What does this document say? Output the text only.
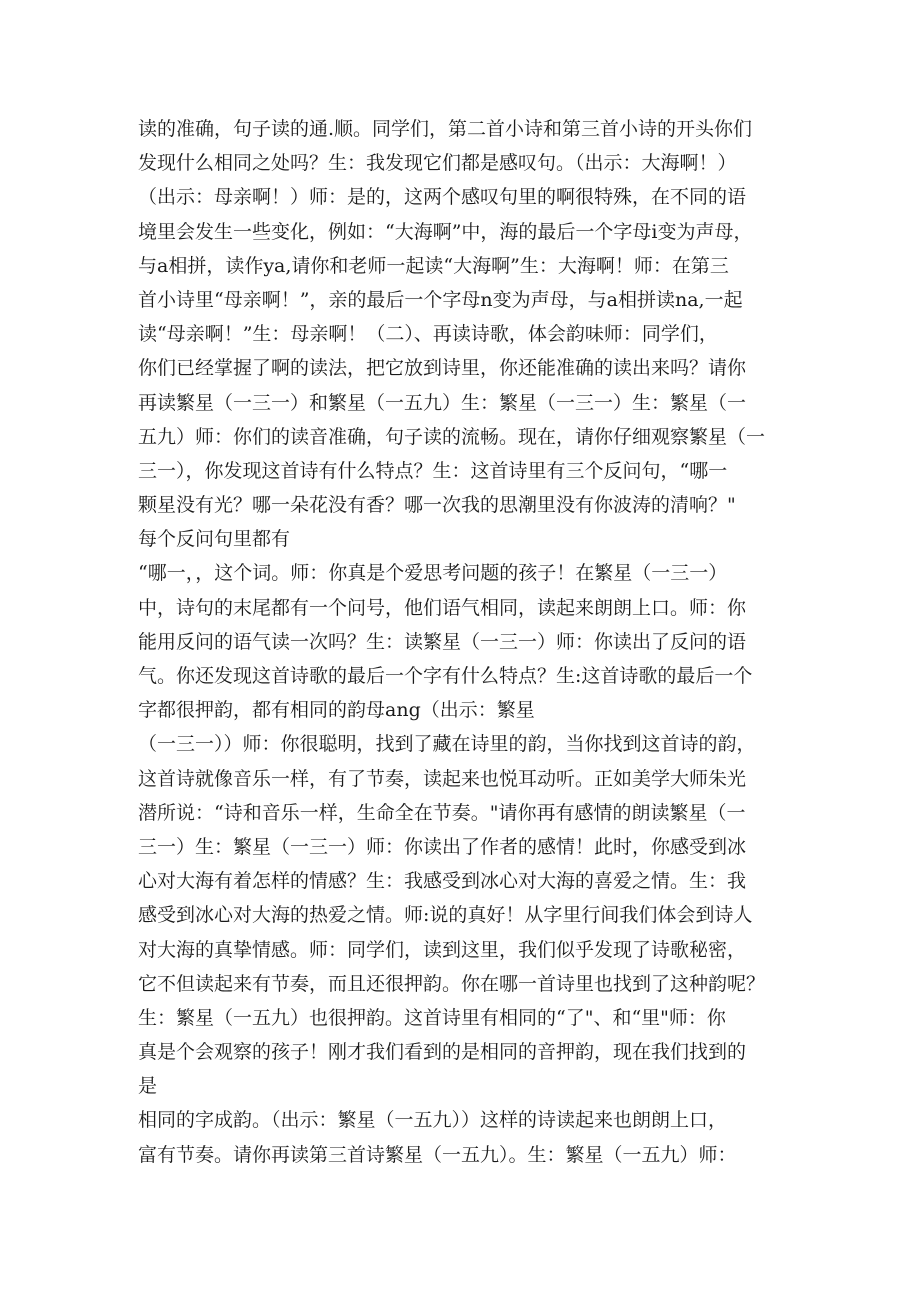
读的准确，句子读的通.顺。同学们，第二首小诗和第三首小诗的开头你们
发现什么相同之处吗？生：我发现它们都是感叹句。（出示：大海啊！）
（出示：母亲啊！）师：是的，这两个感叹句里的啊很特殊，在不同的语
境里会发生一些变化，例如：“大海啊”中，海的最后一个字母i变为声母，
与a相拼，读作ya,请你和老师一起读“大海啊”生：大海啊！师：在第三
首小诗里“母亲啊！”，亲的最后一个字母n变为声母，与a相拼读na,一起
读“母亲啊！”生：母亲啊！（二）、再读诗歌，体会韵味师：同学们，
你们已经掌握了啊的读法，把它放到诗里，你还能准确的读出来吗？请你
再读繁星（一三一）和繁星（一五九）生：繁星（一三一）生：繁星（一
五九）师：你们的读音准确，句子读的流畅。现在，请你仔细观察繁星（一
三一），你发现这首诗有什么特点？生：这首诗里有三个反问句，“哪一
颗星没有光？哪一朵花没有香？哪一次我的思潮里没有你波涛的清响？"
每个反问句里都有
“哪一，，这个词。师：你真是个爱思考问题的孩子！在繁星（一三一）
中，诗句的末尾都有一个问号，他们语气相同，读起来朗朗上口。师：你
能用反问的语气读一次吗？生：读繁星（一三一）师：你读出了反问的语
气。你还发现这首诗歌的最后一个字有什么特点？生:这首诗歌的最后一个
字都很押韵，都有相同的韵母ang（出示：繁星
（一三一））师：你很聪明，找到了藏在诗里的韵，当你找到这首诗的韵，
这首诗就像音乐一样，有了节奏，读起来也悦耳动听。正如美学大师朱光
潜所说：“诗和音乐一样，生命全在节奏。"请你再有感情的朗读繁星（一
三一）生：繁星（一三一）师：你读出了作者的感情！此时，你感受到冰
心对大海有着怎样的情感？生：我感受到冰心对大海的喜爱之情。生：我
感受到冰心对大海的热爱之情。师:说的真好！从字里行间我们体会到诗人
对大海的真挚情感。师：同学们，读到这里，我们似乎发现了诗歌秘密，
它不但读起来有节奏，而且还很押韵。你在哪一首诗里也找到了这种韵呢？
生：繁星（一五九）也很押韵。这首诗里有相同的“了"、和“里"师：你
真是个会观察的孩子！刚才我们看到的是相同的音押韵，现在我们找到的
是
相同的字成韵。（出示：繁星（一五九））这样的诗读起来也朗朗上口，
富有节奏。请你再读第三首诗繁星（一五九）。生：繁星（一五九）师：
